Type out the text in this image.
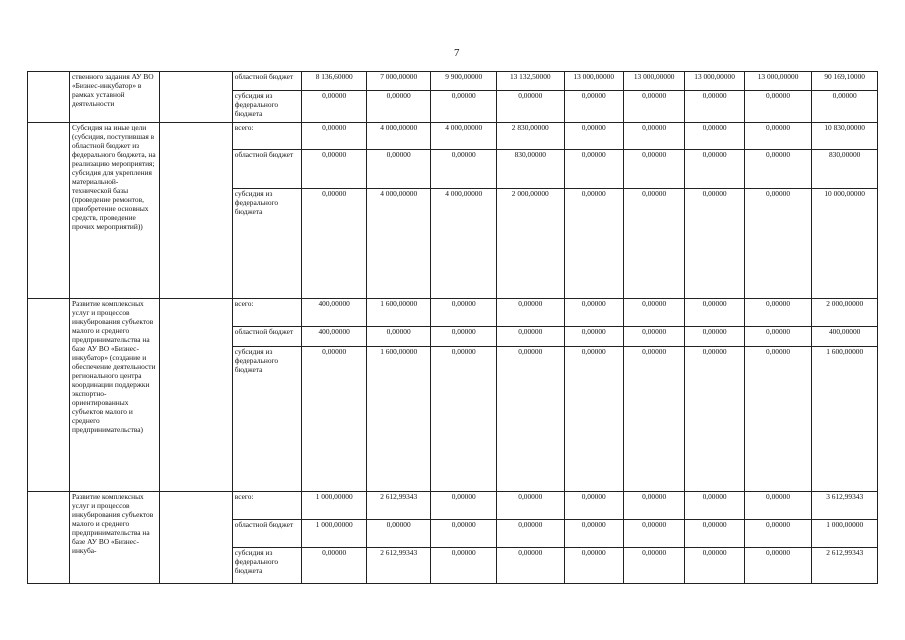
7
	ственного задания АУ ВО «Бизнес-инкубатор» в рамках уставной деятельности		областной бюджет	8 136,60000	7 000,00000	9 900,00000	13 132,50000	13 000,00000	13 000,00000	13 000,00000	13 000,00000	90 169,10000
			субсидия из федерального бюджета	0,00000	0,00000	0,00000	0,00000	0,00000	0,00000	0,00000	0,00000	0,00000
	Субсидия на иные цели (субсидия, поступившая в областной бюджет из федерального бюджета, на реализацию мероприятия; субсидия для укрепления материальной-технической базы (проведение ремонтов, приобретение основных средств, проведение прочих мероприятий))		всего:	0,00000	4 000,00000	4 000,00000	2 830,00000	0,00000	0,00000	0,00000	0,00000	10 830,00000
			областной бюджет	0,00000	0,00000	0,00000	830,00000	0,00000	0,00000	0,00000	0,00000	830,00000
			субсидия из федерального бюджета	0,00000	4 000,00000	4 000,00000	2 000,00000	0,00000	0,00000	0,00000	0,00000	10 000,00000
	Развитие комплексных услуг и процессов инкубирования субъектов малого и среднего предпринимательства на базе АУ ВО «Бизнес-инкубатор» (создание и обеспечение деятельности регионального центра координации поддержки экспортно-ориентированных субъектов малого и среднего предпринимательства)		всего:	400,00000	1 600,00000	0,00000	0,00000	0,00000	0,00000	0,00000	0,00000	2 000,00000
			областной бюджет	400,00000	0,00000	0,00000	0,00000	0,00000	0,00000	0,00000	0,00000	400,00000
			субсидия из федерального бюджета	0,00000	1 600,00000	0,00000	0,00000	0,00000	0,00000	0,00000	0,00000	1 600,00000
	Развитие комплексных услуг и процессов инкубирования субъектов малого и среднего предпринимательства на базе АУ ВО «Бизнес-инкуба-		всего:	1 000,00000	2 612,99343	0,00000	0,00000	0,00000	0,00000	0,00000	0,00000	3 612,99343
			областной бюджет	1 000,00000	0,00000	0,00000	0,00000	0,00000	0,00000	0,00000	0,00000	1 000,00000
			субсидия из федерального бюджета	0,00000	2 612,99343	0,00000	0,00000	0,00000	0,00000	0,00000	0,00000	2 612,99343
